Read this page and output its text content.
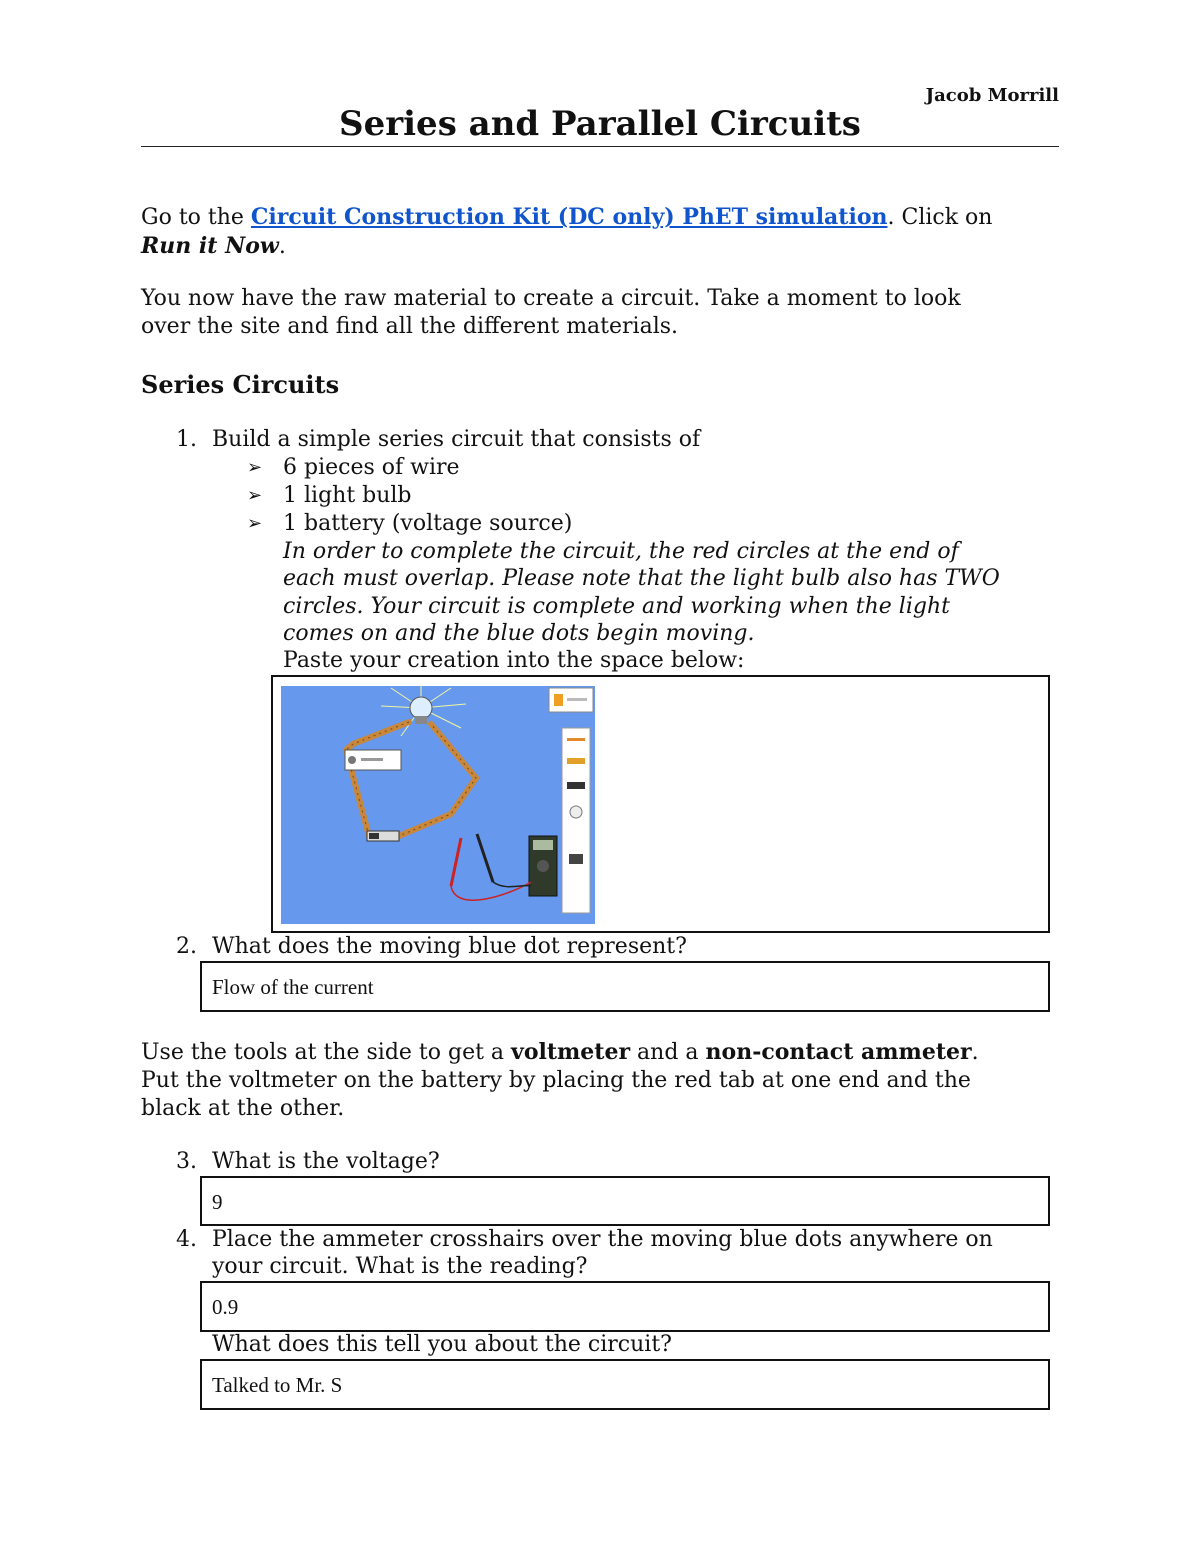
Jacob Morrill
Series and Parallel Circuits
Go to the Circuit Construction Kit (DC only) PhET simulation. Click on
Run it Now.
You now have the raw material to create a circuit. Take a moment to look
over the site and find all the different materials.
Series Circuits
1. Build a simple series circuit that consists of
➢ 6 pieces of wire
➢ 1 light bulb
➢ 1 battery (voltage source)
In order to complete the circuit, the red circles at the end of
each must overlap. Please note that the light bulb also has TWO
circles. Your circuit is complete and working when the light
comes on and the blue dots begin moving.
Paste your creation into the space below:
2. What does the moving blue dot represent?
Flow of the current
Use the tools at the side to get a voltmeter and a non-contact ammeter.
Put the voltmeter on the battery by placing the red tab at one end and the
black at the other.
3. What is the voltage?
9
4. Place the ammeter crosshairs over the moving blue dots anywhere on
your circuit. What is the reading?
0.9
What does this tell you about the circuit?
Talked to Mr. S
